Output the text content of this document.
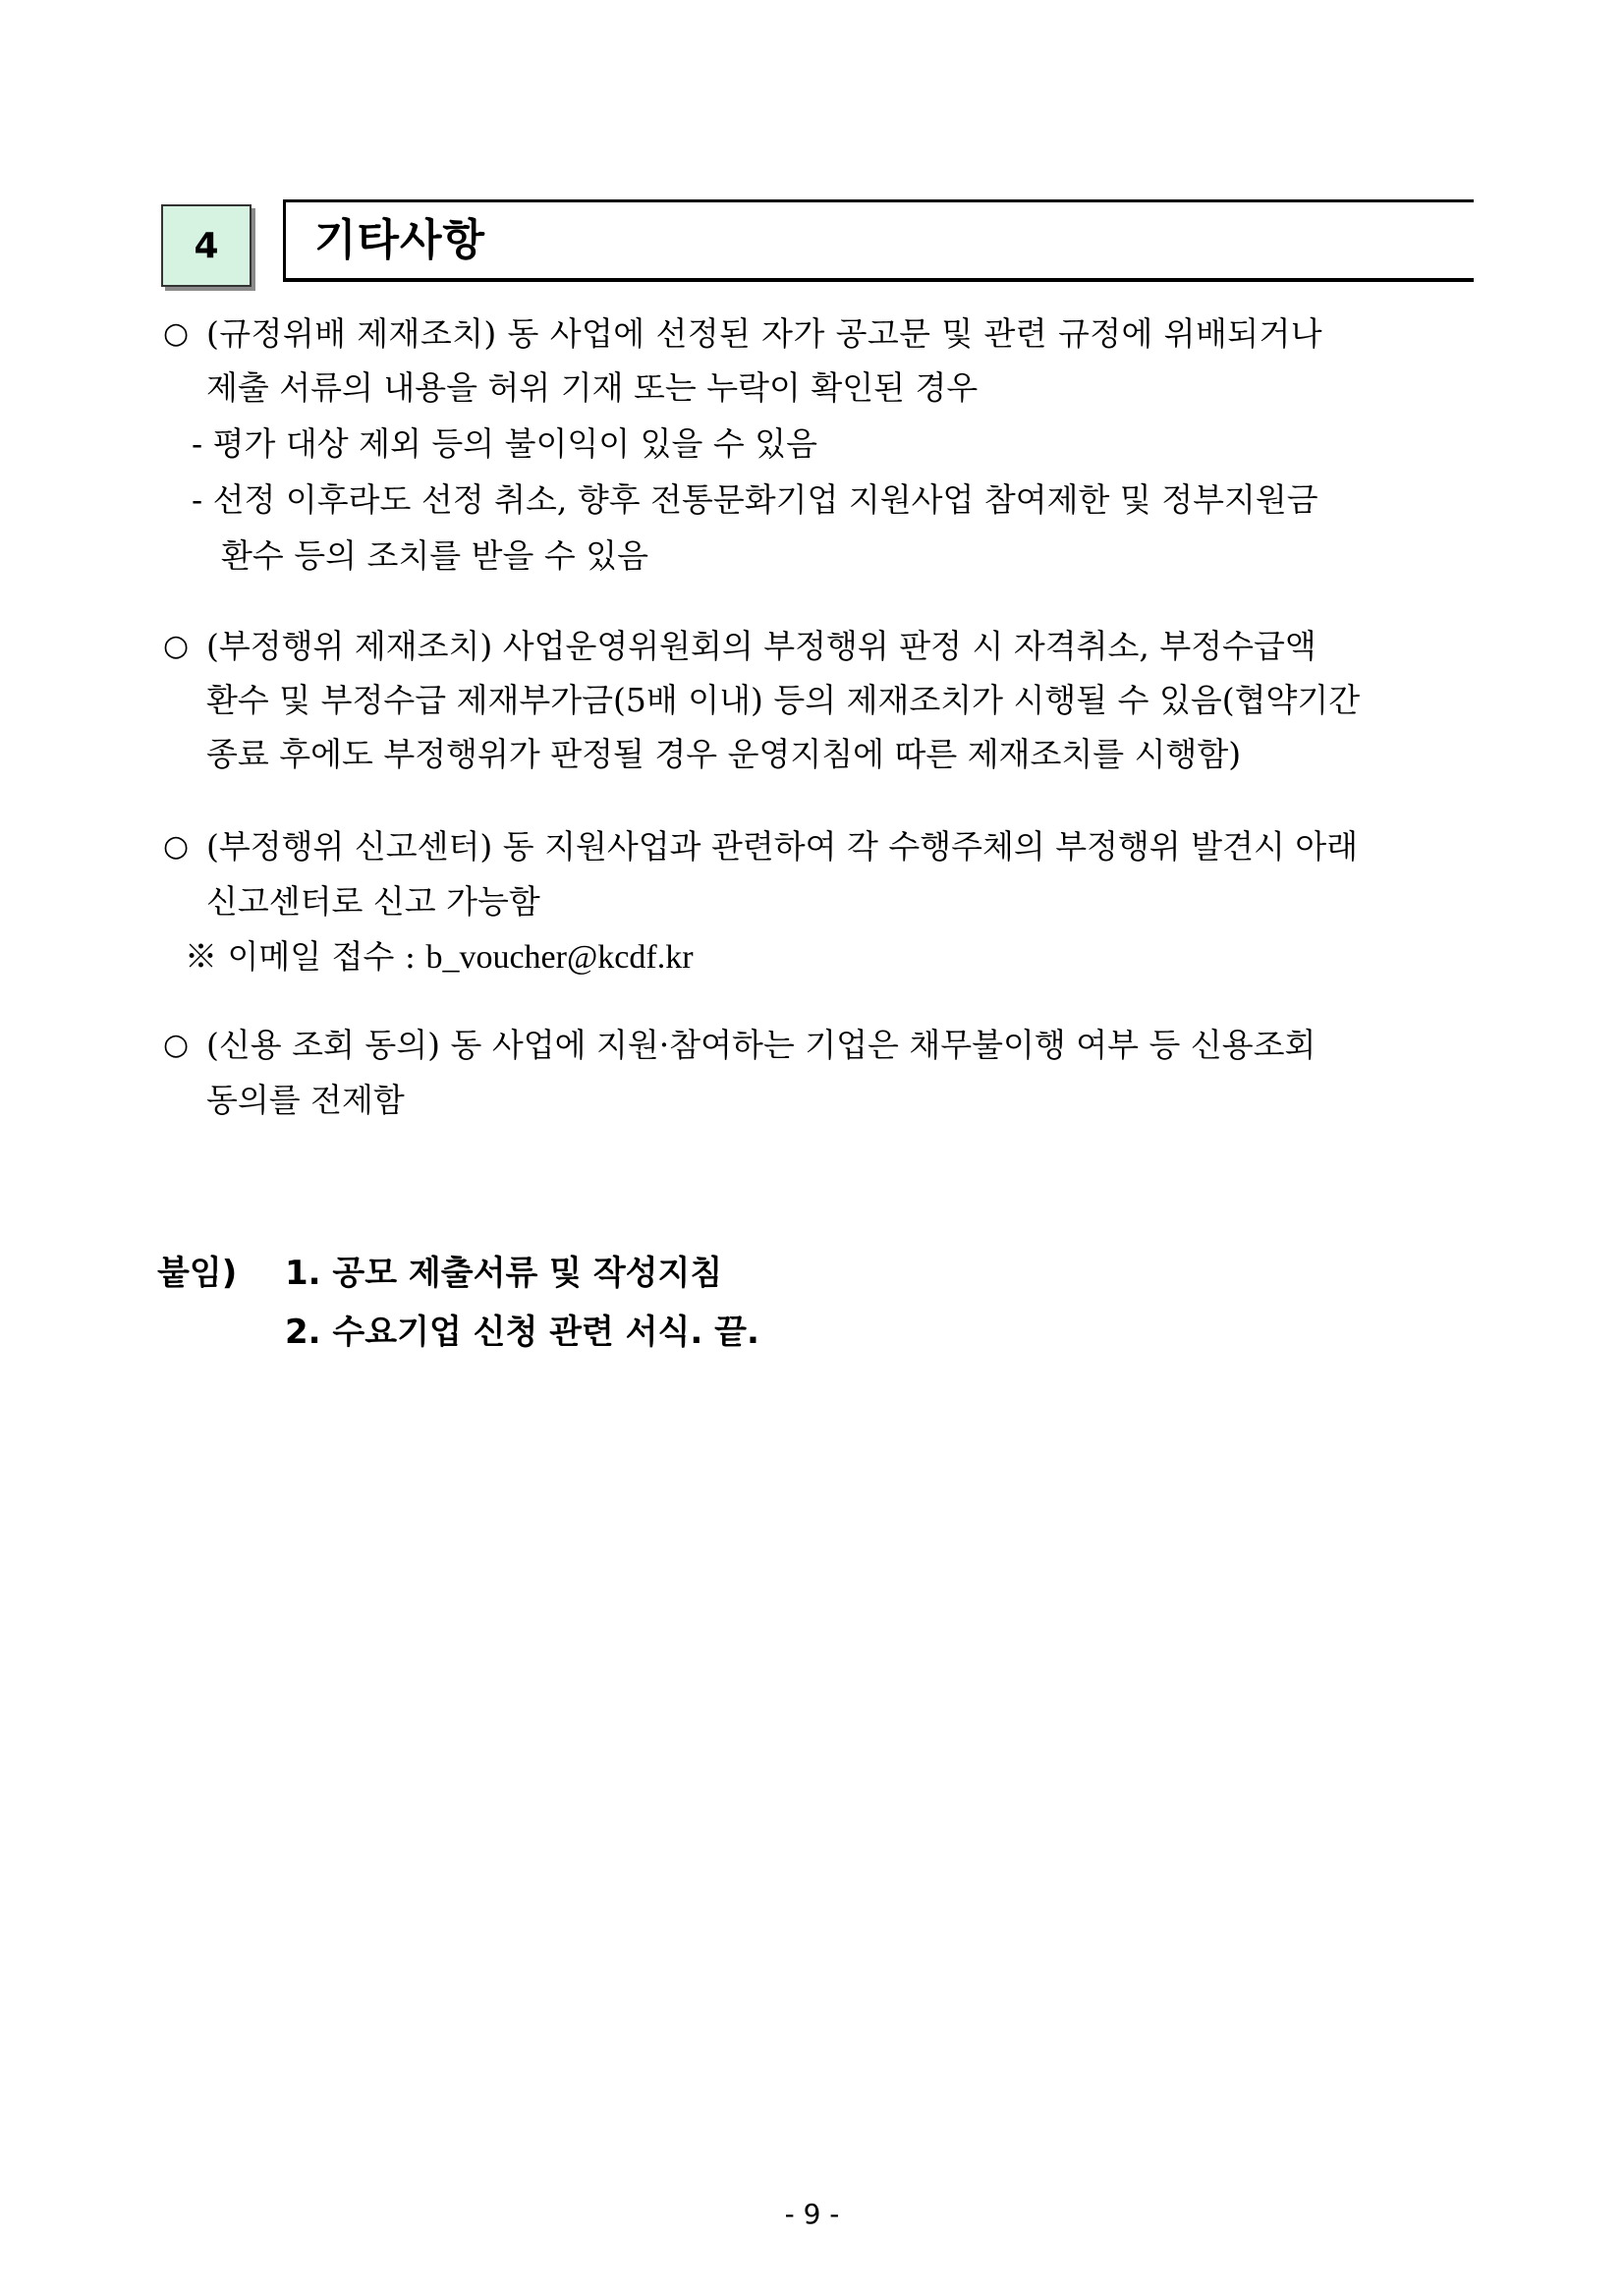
4 기타사항
○ (규정위배 제재조치) 동 사업에 선정된 자가 공고문 및 관련 규정에 위배되거나
제출 서류의 내용을 허위 기재 또는 누락이 확인된 경우
- 평가 대상 제외 등의 불이익이 있을 수 있음
- 선정 이후라도 선정 취소, 향후 전통문화기업 지원사업 참여제한 및 정부지원금
환수 등의 조치를 받을 수 있음
○ (부정행위 제재조치) 사업운영위원회의 부정행위 판정 시 자격취소, 부정수급액
환수 및 부정수급 제재부가금(5배 이내) 등의 제재조치가 시행될 수 있음(협약기간
종료 후에도 부정행위가 판정될 경우 운영지침에 따른 제재조치를 시행함)
○ (부정행위 신고센터) 동 지원사업과 관련하여 각 수행주체의 부정행위 발견시 아래
신고센터로 신고 가능함
※ 이메일 접수 : b_voucher@kcdf.kr
○ (신용 조회 동의) 동 사업에 지원·참여하는 기업은 채무불이행 여부 등 신용조회
동의를 전제함
붙임) 1. 공모 제출서류 및 작성지침
2. 수요기업 신청 관련 서식. 끝.
- 9 -
